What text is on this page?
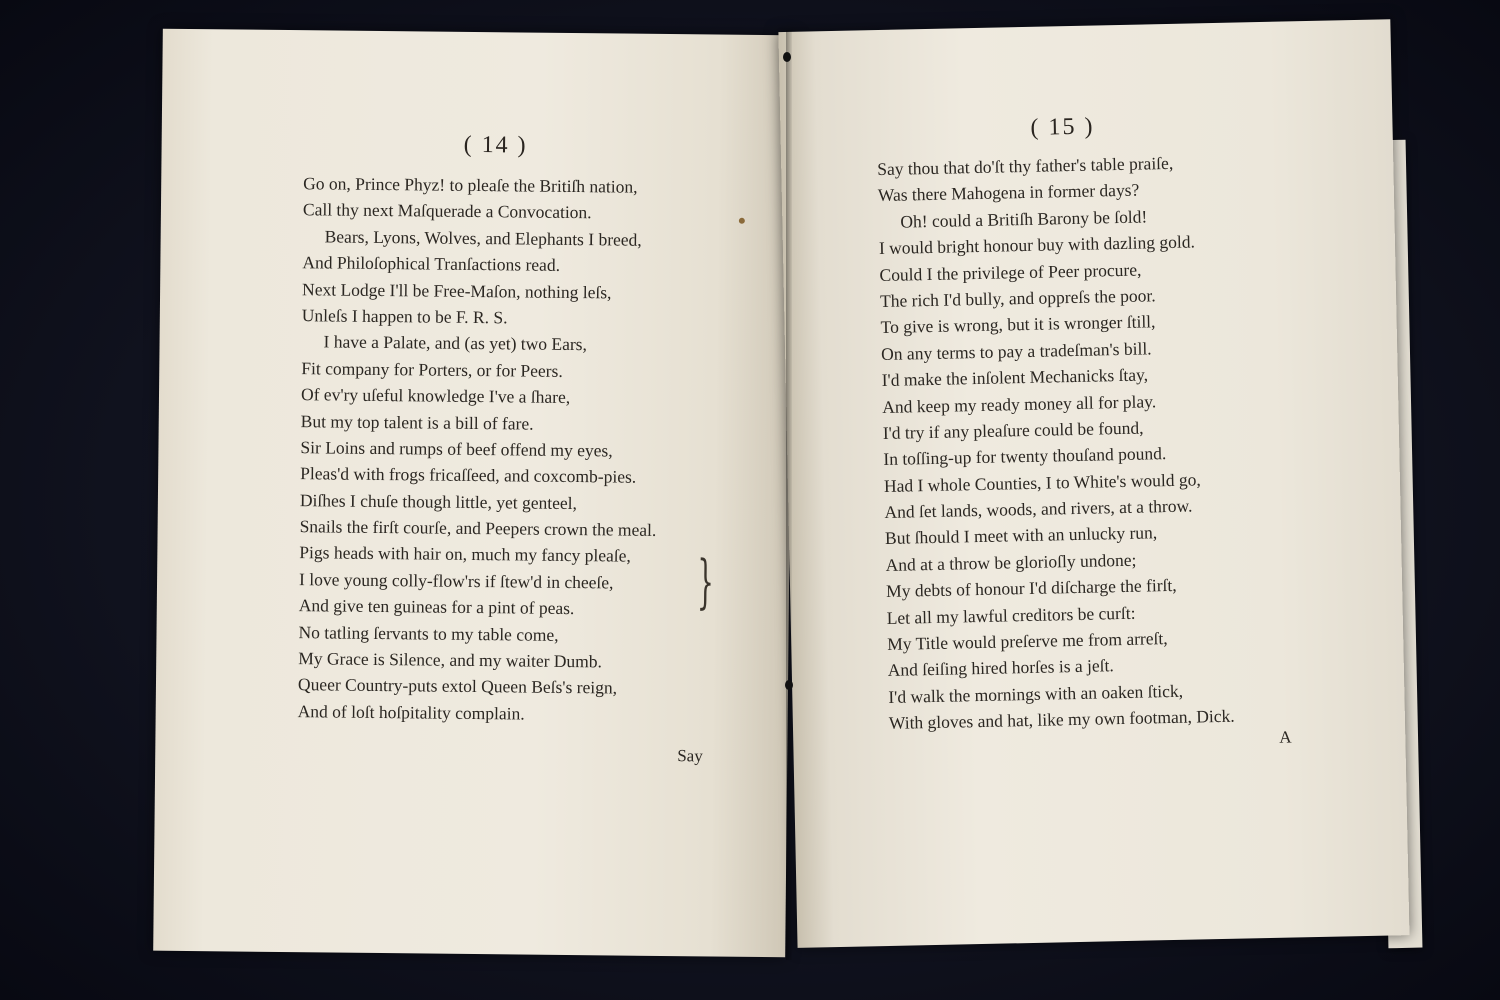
( 14 )
Go on, Prince Phyz! to pleaſe the Britiſh nation,
Call thy next Maſquerade a Convocation.
Bears, Lyons, Wolves, and Elephants I breed,
And Philoſophical Tranſactions read.
Next Lodge I'll be Free-Maſon, nothing leſs,
Unleſs I happen to be F. R. S.
I have a Palate, and (as yet) two Ears,
Fit company for Porters, or for Peers.
Of ev'ry uſeful knowledge I've a ſhare,
But my top talent is a bill of fare.
Sir Loins and rumps of beef offend my eyes,
Pleas'd with frogs fricaſſeed, and coxcomb-pies.
Diſhes I chuſe though little, yet genteel,
Snails the firſt courſe, and Peepers crown the meal.
Pigs heads with hair on, much my fancy pleaſe,
I love young colly-flow'rs if ſtew'd in cheeſe,
And give ten guineas for a pint of peas.
No tatling ſervants to my table come,
My Grace is Silence, and my waiter Dumb.
Queer Country-puts extol Queen Beſs's reign,
And of loſt hoſpitality complain.
}
Say
( 15 )
Say thou that do'ſt thy father's table praiſe,
Was there Mahogena in former days?
Oh! could a Britiſh Barony be ſold!
I would bright honour buy with dazling gold.
Could I the privilege of Peer procure,
The rich I'd bully, and oppreſs the poor.
To give is wrong, but it is wronger ſtill,
On any terms to pay a tradeſman's bill.
I'd make the inſolent Mechanicks ſtay,
And keep my ready money all for play.
I'd try if any pleaſure could be found,
In toſſing-up for twenty thouſand pound.
Had I whole Counties, I to White's would go,
And ſet lands, woods, and rivers, at a throw.
But ſhould I meet with an unlucky run,
And at a throw be glorioſly undone;
My debts of honour I'd diſcharge the firſt,
Let all my lawful creditors be curſt:
My Title would preſerve me from arreſt,
And ſeiſing hired horſes is a jeſt.
I'd walk the mornings with an oaken ſtick,
With gloves and hat, like my own footman, Dick.
A
